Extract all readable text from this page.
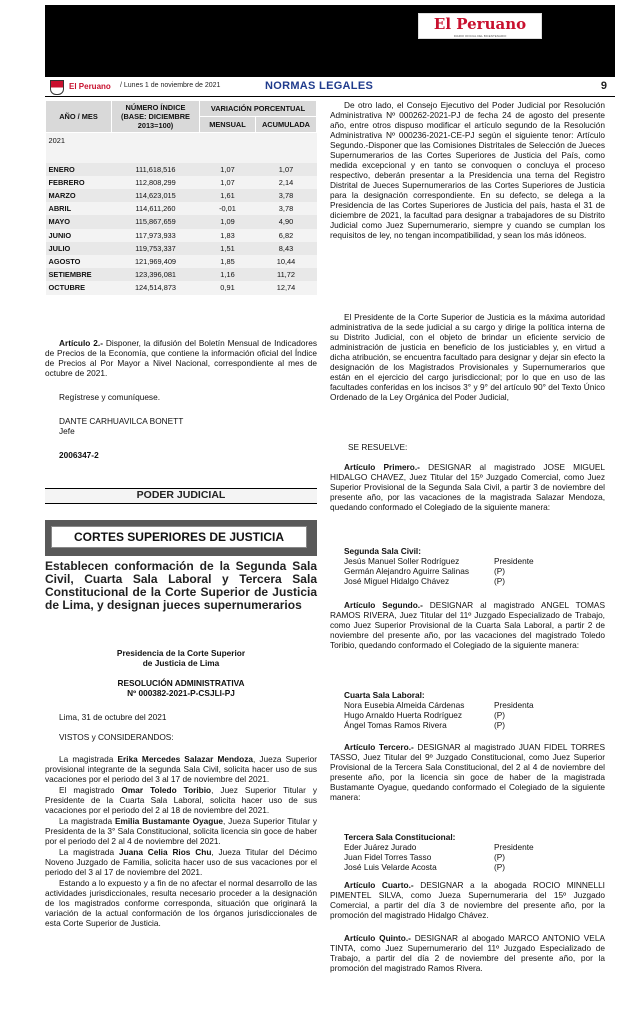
El Peruano
DIARIO OFICIAL DEL BICENTENARIO
El Peruano / Lunes 1 de noviembre de 2021	NORMAS LEGALES	9
AÑO / MES	NÚMERO ÍNDICE (BASE: DICIEMBRE 2013=100)	VARIACIÓN PORCENTUAL	
		MENSUAL	ACUMULADA
2021			
ENERO	111,618,516	1,07	1,07
FEBRERO	112,808,299	1,07	2,14
MARZO	114,623,015	1,61	3,78
ABRIL	114,611,260	-0,01	3,78
MAYO	115,867,659	1,09	4,90
JUNIO	117,973,933	1,83	6,82
JULIO	119,753,337	1,51	8,43
AGOSTO	121,969,409	1,85	10,44
SETIEMBRE	123,396,081	1,16	11,72
OCTUBRE	124,514,873	0,91	12,74

Artículo 2.- Disponer, la difusión del Boletín Mensual de Indicadores de Precios de la Economía, que contiene la información oficial del Índice de Precios al Por Mayor a Nivel Nacional, correspondiente al mes de octubre de 2021.

Regístrese y comuníquese.
DANTE CARHUAVILCA BONETT
Jefe
2006347-2
PODER JUDICIAL
CORTES SUPERIORES DE JUSTICIA
Establecen conformación de la Segunda Sala Civil, Cuarta Sala Laboral y Tercera Sala Constitucional de la Corte Superior de Justicia de Lima, y designan jueces supernumerarios
Presidencia de la Corte Superior
de Justicia de Lima
RESOLUCIÓN ADMINISTRATIVA
Nº 000382-2021-P-CSJLI-PJ
Lima, 31 de octubre del 2021
VISTOS y CONSIDERANDOS:

La magistrada Erika Mercedes Salazar Mendoza, Jueza Superior provisional integrante de la segunda Sala Civil, solicita hacer uso de sus vacaciones por el periodo del 3 al 17 de noviembre del 2021.

El magistrado Omar Toledo Toribio, Juez Superior Titular y Presidente de la Cuarta Sala Laboral, solicita hacer uso de sus vacaciones por el periodo del 2 al 18 de noviembre del 2021.

La magistrada Emilia Bustamante Oyague, Jueza Superior Titular y Presidenta de la 3° Sala Constitucional, solicita licencia sin goce de haber por el periodo del 2 al 4 de noviembre del 2021.

La magistrada Juana Celia Rios Chu, Jueza Titular del Décimo Noveno Juzgado de Familia, solicita hacer uso de sus vacaciones por el periodo del 3 al 17 de noviembre del 2021.

Estando a lo expuesto y a fin de no afectar el normal desarrollo de las actividades jurisdiccionales, resulta necesario proceder a la designación de los magistrados conforme corresponda, situación que originará la variación de la actual conformación de los órganos jurisdiccionales de esta Corte Superior de Justicia.

De otro lado, el Consejo Ejecutivo del Poder Judicial por Resolución Administrativa Nº 000262-2021-PJ de fecha 24 de agosto del presente año, entre otros dispuso modificar el artículo segundo de la Resolución Administrativa Nº 000236-2021-CE-PJ según el siguiente tenor: Artículo Segundo.-Disponer que las Comisiones Distritales de Selección de Jueces Supernumerarios de las Cortes Superiores de Justicia del País, como medida excepcional y en tanto se convoquen o concluya el proceso respectivo, deberán presentar a la Presidencia una terna del Registro Distrital de Jueces Supernumerarios de las Cortes Superiores de Justicia para la designación correspondiente. En su defecto, se delega a la Presidencia de las Cortes Superiores de Justicia del país, hasta el 31 de diciembre de 2021, la facultad para designar a trabajadores de su Distrito Judicial como Juez Supernumerario, siempre y cuando se cumplan los requisitos de ley, no tengan incompatibilidad, y sean los más idóneos.

El Presidente de la Corte Superior de Justicia es la máxima autoridad administrativa de la sede judicial a su cargo y dirige la política interna de su Distrito Judicial, con el objeto de brindar un eficiente servicio de administración de justicia en beneficio de los justiciables y, en virtud a dicha atribución, se encuentra facultado para designar y dejar sin efecto la designación de los Magistrados Provisionales y Supernumerarios que están en el ejercicio del cargo jurisdiccional; por lo que en uso de las facultades conferidas en los incisos 3° y 9° del artículo 90° del Texto Único Ordenado de la Ley Orgánica del Poder Judicial,

SE RESUELVE:

Artículo Primero.- DESIGNAR al magistrado JOSE MIGUEL HIDALGO CHAVEZ, Juez Titular del 15º Juzgado Comercial, como Juez Superior Provisional de la Segunda Sala Civil, a partir 3 de noviembre del presente año, por las vacaciones de la magistrada Salazar Mendoza, quedando conformado el Colegiado de la siguiente manera:

Segunda Sala Civil:
Jesús Manuel Soller Rodríguez	Presidente
Germán Alejandro Aguirre Salinas	(P)
José Miguel Hidalgo Chávez	(P)

Artículo Segundo.- DESIGNAR al magistrado ANGEL TOMAS RAMOS RIVERA, Juez Titular del 11º Juzgado Especializado de Trabajo, como Juez Superior Provisional de la Cuarta Sala Laboral, a partir 2 de noviembre del presente año, por las vacaciones del magistrado Toledo Toribio, quedando conformado el Colegiado de la siguiente manera:

Cuarta Sala Laboral:
Nora Eusebia Almeida Cárdenas	Presidenta
Hugo Arnaldo Huerta Rodríguez	(P)
Ángel Tomas Ramos Rivera	(P)

Artículo Tercero.- DESIGNAR al magistrado JUAN FIDEL TORRES TASSO, Juez Titular del 9º Juzgado Constitucional, como Juez Superior Provisional de la Tercera Sala Constitucional, del 2 al 4 de noviembre del presente año, por la licencia sin goce de haber de la magistrada Bustamante Oyague, quedando conformado el Colegiado de la siguiente manera:

Tercera Sala Constitucional:
Eder Juárez Jurado	Presidente
Juan Fidel Torres Tasso	(P)
José Luis Velarde Acosta	(P)

Artículo Cuarto.- DESIGNAR a la abogada ROCIO MINNELLI PIMENTEL SILVA, como Jueza Supernumeraria del 15º Juzgado Comercial, a partir del día 3 de noviembre del presente año, por la promoción del magistrado Hidalgo Chávez.

Artículo Quinto.- DESIGNAR al abogado MARCO ANTONIO VELA TINTA, como Juez Supernumerario del 11º Juzgado Especializado de Trabajo, a partir del día 2 de noviembre del presente año, por la promoción del magistrado Ramos Rivera.
